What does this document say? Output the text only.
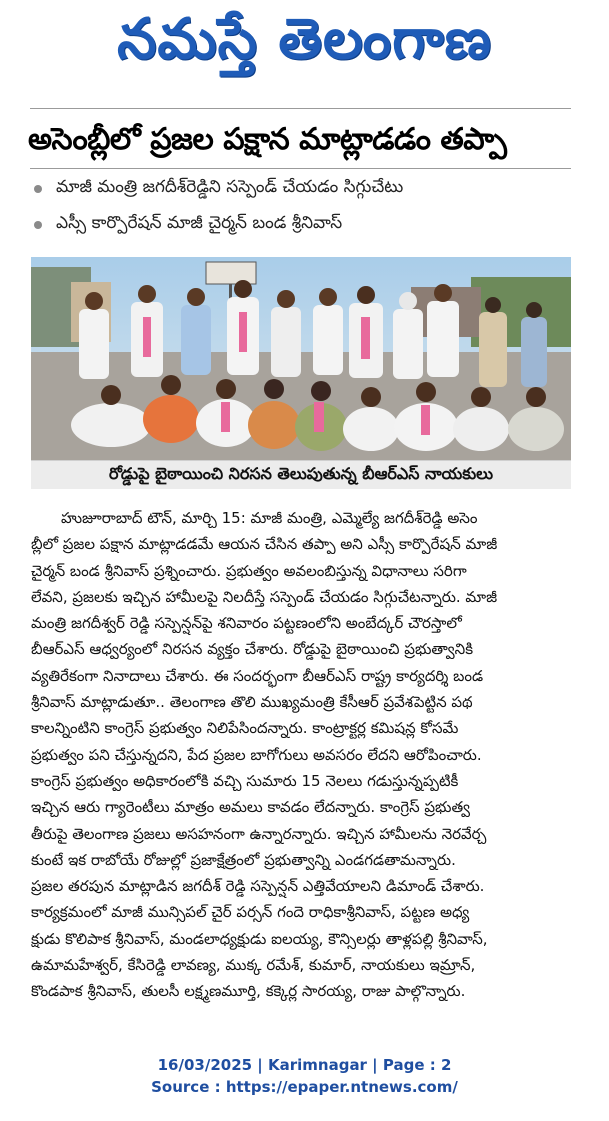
నమస్తే తెలంగాణ
అసెంబ్లీలో ప్రజల పక్షాన మాట్లాడడం తప్పా
మాజీ మంత్రి జగదీశ్‌రెడ్డిని సస్పెండ్ చేయడం సిగ్గుచేటు
ఎస్సీ కార్పొరేషన్ మాజీ చైర్మన్ బండ శ్రీనివాస్
రోడ్డుపై బైఠాయించి నిరసన తెలుపుతున్న బీఆర్ఎస్ నాయకులు
హుజూరాబాద్ టౌన్, మార్చి 15: మాజీ మంత్రి, ఎమ్మెల్యే జగదీశ్‌రెడ్డి అసెం
బ్లీలో ప్రజల పక్షాన మాట్లాడడమే ఆయన చేసిన తప్పా అని ఎస్సీ కార్పొరేషన్ మాజీ
చైర్మన్ బండ శ్రీనివాస్ ప్రశ్నించారు. ప్రభుత్వం అవలంబిస్తున్న విధానాలు సరిగా
లేవని, ప్రజలకు ఇచ్చిన హామీలపై నిలదీస్తే సస్పెండ్ చేయడం సిగ్గుచేటన్నారు. మాజీ
మంత్రి జగదీశ్వర్ రెడ్డి సస్పెన్షన్‌పై శనివారం పట్టణంలోని అంబేద్కర్ చౌరస్తాలో
బీఆర్ఎస్ ఆధ్వర్యంలో నిరసన వ్యక్తం చేశారు. రోడ్డుపై బైఠాయించి ప్రభుత్వానికి
వ్యతిరేకంగా నినాదాలు చేశారు. ఈ సందర్భంగా బీఆర్ఎస్ రాష్ట్ర కార్యదర్శి బండ
శ్రీనివాస్ మాట్లాడుతూ.. తెలంగాణ తొలి ముఖ్యమంత్రి కేసీఆర్ ప్రవేశపెట్టిన పథ
కాలన్నింటిని కాంగ్రెస్ ప్రభుత్వం నిలిపేసిందన్నారు. కాంట్రాక్టర్ల కమిషన్ల కోసమే
ప్రభుత్వం పని చేస్తున్నదని, పేద ప్రజల బాగోగులు అవసరం లేదని ఆరోపించారు.
కాంగ్రెస్ ప్రభుత్వం అధికారంలోకి వచ్చి సుమారు 15 నెలలు గడుస్తున్నప్పటికీ
ఇచ్చిన ఆరు గ్యారెంటీలు మాత్రం అమలు కావడం లేదన్నారు. కాంగ్రెస్ ప్రభుత్వ
తీరుపై తెలంగాణ ప్రజలు అసహనంగా ఉన్నారన్నారు. ఇచ్చిన హామీలను నెరవేర్చ
కుంటే ఇక రాబోయే రోజుల్లో ప్రజాక్షేత్రంలో ప్రభుత్వాన్ని ఎండగడతామన్నారు.
ప్రజల తరపున మాట్లాడిన జగదీశ్ రెడ్డి సస్పెన్షన్ ఎత్తివేయాలని డిమాండ్ చేశారు.
కార్యక్రమంలో మాజీ మున్సిపల్ చైర్ పర్సన్ గందె రాధికాశ్రీనివాస్, పట్టణ అధ్య
క్షుడు కొలిపాక శ్రీనివాస్, మండలాధ్యక్షుడు ఐలయ్య, కౌన్సిలర్లు తాళ్లపల్లి శ్రీనివాస్,
ఉమామహేశ్వర్, కేసిరెడ్డి లావణ్య, ముక్క రమేశ్, కుమార్, నాయకులు ఇమ్రాన్,
కొండపాక శ్రీనివాస్, తులసీ లక్ష్మణమూర్తి, కక్కెర్ల సారయ్య, రాజు పాల్గొన్నారు.
16/03/2025 | Karimnagar | Page : 2
Source : https://epaper.ntnews.com/
